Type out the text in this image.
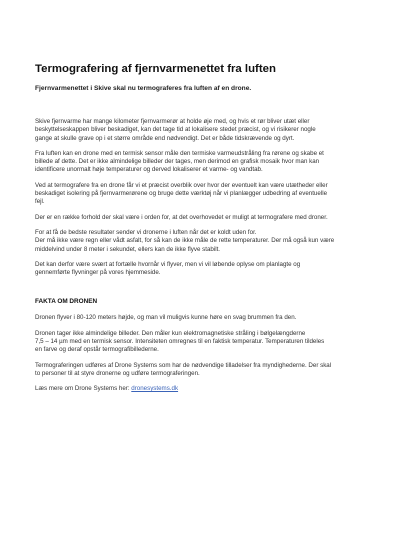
Termografering af fjernvarmenettet fra luften
Fjernvarmenettet i Skive skal nu termograferes fra luften af en drone.

Skive fjernvarme har mange kilometer fjernvarmerør at holde øje med, og hvis et rør bliver utæt eller
beskyttelseskappen bliver beskadiget, kan det tage tid at lokalisere stedet præcist, og vi risikerer nogle
gange at skulle grave op i et større område end nødvendigt. Det er både tidskrævende og dyrt.

Fra luften kan en drone med en termisk sensor måle den termiske varmeudstråling fra rørene og skabe et
billede af dette. Det er ikke almindelige billeder der tages, men derimod en grafisk mosaik hvor man kan
identificere unormalt høje temperaturer og derved lokaliserer et varme- og vandtab.

Ved at termografere fra en drone får vi et præcist overblik over hvor der eventuelt kan være utætheder eller
beskadiget isolering på fjernvarmerørene og bruge dette værktøj når vi planlægger udbedring af eventuelle
fejl.

Der er en række forhold der skal være i orden for, at det overhovedet er muligt at termografere med droner.

For at få de bedste resultater sender vi dronerne i luften når det er koldt uden for.
Der må ikke være regn eller vådt asfalt, for så kan de ikke måle de rette temperaturer. Der må også kun være
middelvind under 8 meter i sekundet, ellers kan de ikke flyve stabilt.

Det kan derfor være svært at fortælle hvornår vi flyver, men vi vil løbende oplyse om planlagte og
gennemførte flyvninger på vores hjemmeside.

FAKTA OM DRONEN

Dronen flyver i 80-120 meters højde, og man vil muligvis kunne høre en svag brummen fra den.

Dronen tager ikke almindelige billeder. Den måler kun elektromagnetiske stråling i bølgelængderne
7,5 – 14 µm med en termisk sensor. Intensiteten omregnes til en faktisk temperatur. Temperaturen tildeles
en farve og deraf opstår termografibillederne.

Termograferingen udføres af Drone Systems som har de nødvendige tilladelser fra myndighederne. Der skal
to personer til at styre dronerne og udføre termograferingen.

Læs mere om Drone Systems her: dronesystems.dk
